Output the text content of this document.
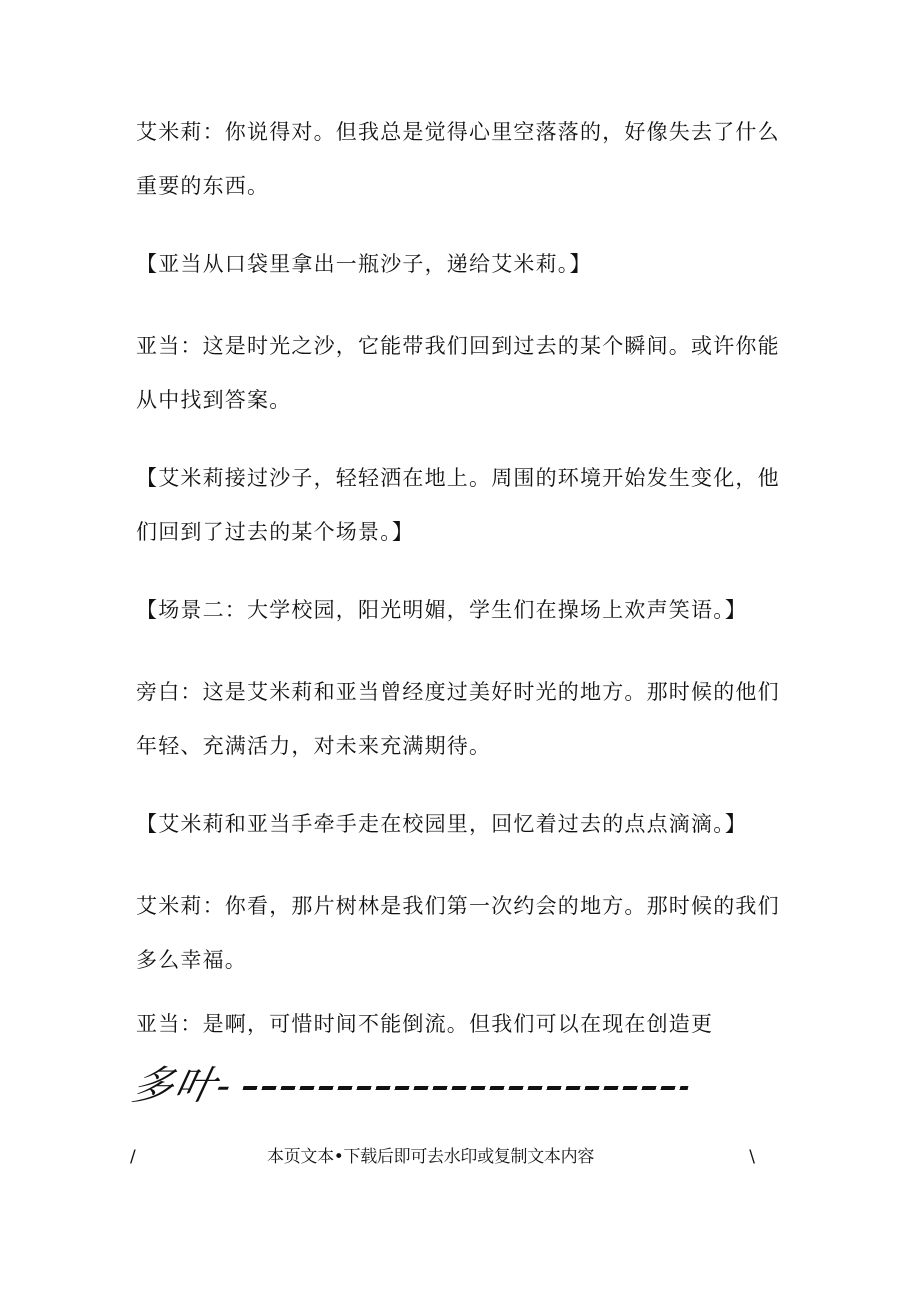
艾米莉：你说得对。但我总是觉得心里空落落的，好像失去了什么重要的东西。

【亚当从口袋里拿出一瓶沙子，递给艾米莉。】

亚当：这是时光之沙，它能带我们回到过去的某个瞬间。或许你能从中找到答案。

【艾米莉接过沙子，轻轻洒在地上。周围的环境开始发生变化，他们回到了过去的某个场景。】

【场景二：大学校园，阳光明媚，学生们在操场上欢声笑语。】

旁白：这是艾米莉和亚当曾经度过美好时光的地方。那时候的他们年轻、充满活力，对未来充满期待。

【艾米莉和亚当手牵手走在校园里，回忆着过去的点点滴滴。】

艾米莉：你看，那片树林是我们第一次约会的地方。那时候的我们多么幸福。

亚当：是啊，可惜时间不能倒流。但我们可以在现在创造更

多叶-
/	本页文本•下载后即可去水印或复制文本内容	\
